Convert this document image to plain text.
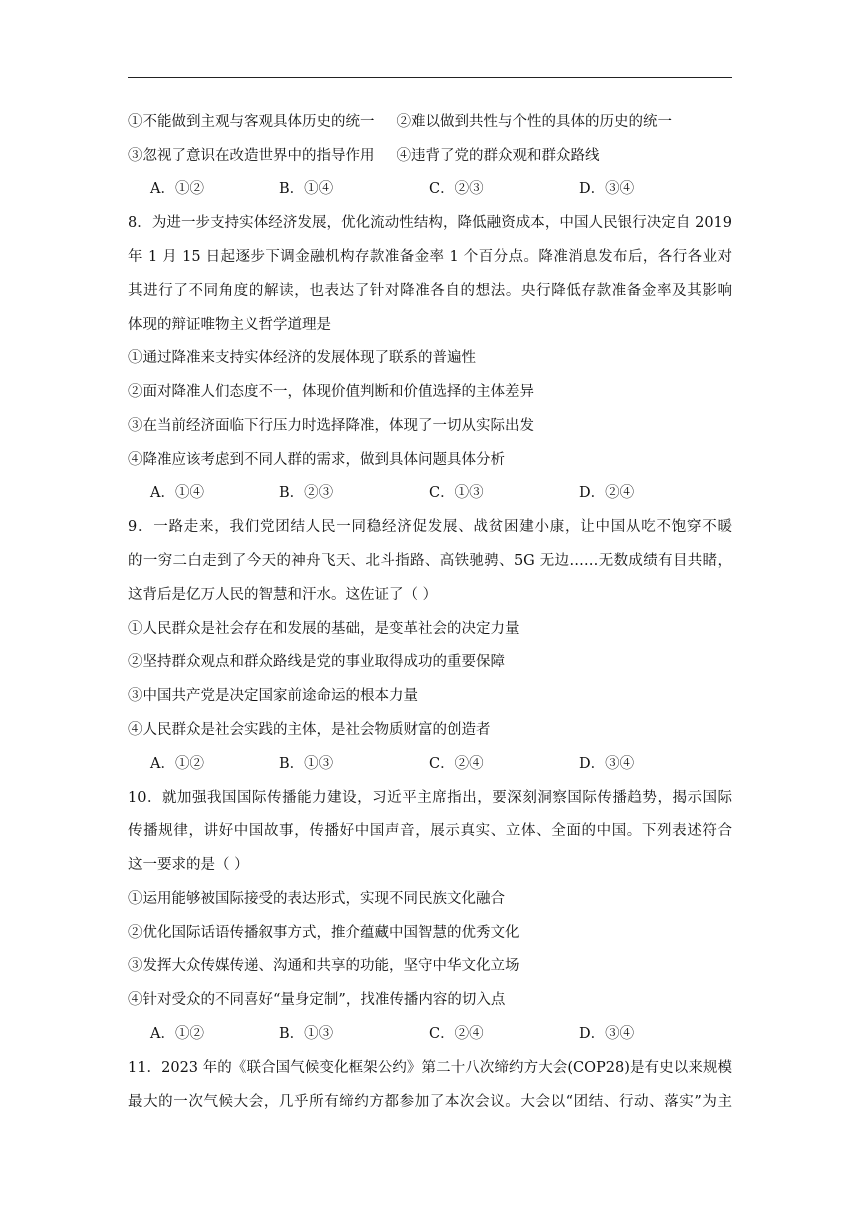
①不能做到主观与客观具体历史的统一 ②难以做到共性与个性的具体的历史的统一
③忽视了意识在改造世界中的指导作用 ④违背了党的群众观和群众路线
A．①②	B．①④	C．②③	D．③④
8．为进一步支持实体经济发展，优化流动性结构，降低融资成本，中国人民银行决定自 2019
年 1 月 15 日起逐步下调金融机构存款准备金率 1 个百分点。降准消息发布后，各行各业对
其进行了不同角度的解读，也表达了针对降准各自的想法。央行降低存款准备金率及其影响
体现的辩证唯物主义哲学道理是
①通过降准来支持实体经济的发展体现了联系的普遍性
②面对降准人们态度不一，体现价值判断和价值选择的主体差异
③在当前经济面临下行压力时选择降准，体现了一切从实际出发
④降准应该考虑到不同人群的需求，做到具体问题具体分析
A．①④	B．②③	C．①③	D．②④
9．一路走来，我们党团结人民一同稳经济促发展、战贫困建小康，让中国从吃不饱穿不暖
的一穷二白走到了今天的神舟飞天、北斗指路、高铁驰骋、5G 无边……无数成绩有目共睹，
这背后是亿万人民的智慧和汗水。这佐证了（ ）
①人民群众是社会存在和发展的基础，是变革社会的决定力量
②坚持群众观点和群众路线是党的事业取得成功的重要保障
③中国共产党是决定国家前途命运的根本力量
④人民群众是社会实践的主体，是社会物质财富的创造者
A．①②	B．①③	C．②④	D．③④
10．就加强我国国际传播能力建设，习近平主席指出，要深刻洞察国际传播趋势，揭示国际
传播规律，讲好中国故事，传播好中国声音，展示真实、立体、全面的中国。下列表述符合
这一要求的是（ ）
①运用能够被国际接受的表达形式，实现不同民族文化融合
②优化国际话语传播叙事方式，推介蕴藏中国智慧的优秀文化
③发挥大众传媒传递、沟通和共享的功能，坚守中华文化立场
④针对受众的不同喜好“量身定制”，找准传播内容的切入点
A．①②	B．①③	C．②④	D．③④
11．2023 年的《联合国气候变化框架公约》第二十八次缔约方大会(COP28)是有史以来规模
最大的一次气候大会，几乎所有缔约方都参加了本次会议。大会以“团结、行动、落实”为主
